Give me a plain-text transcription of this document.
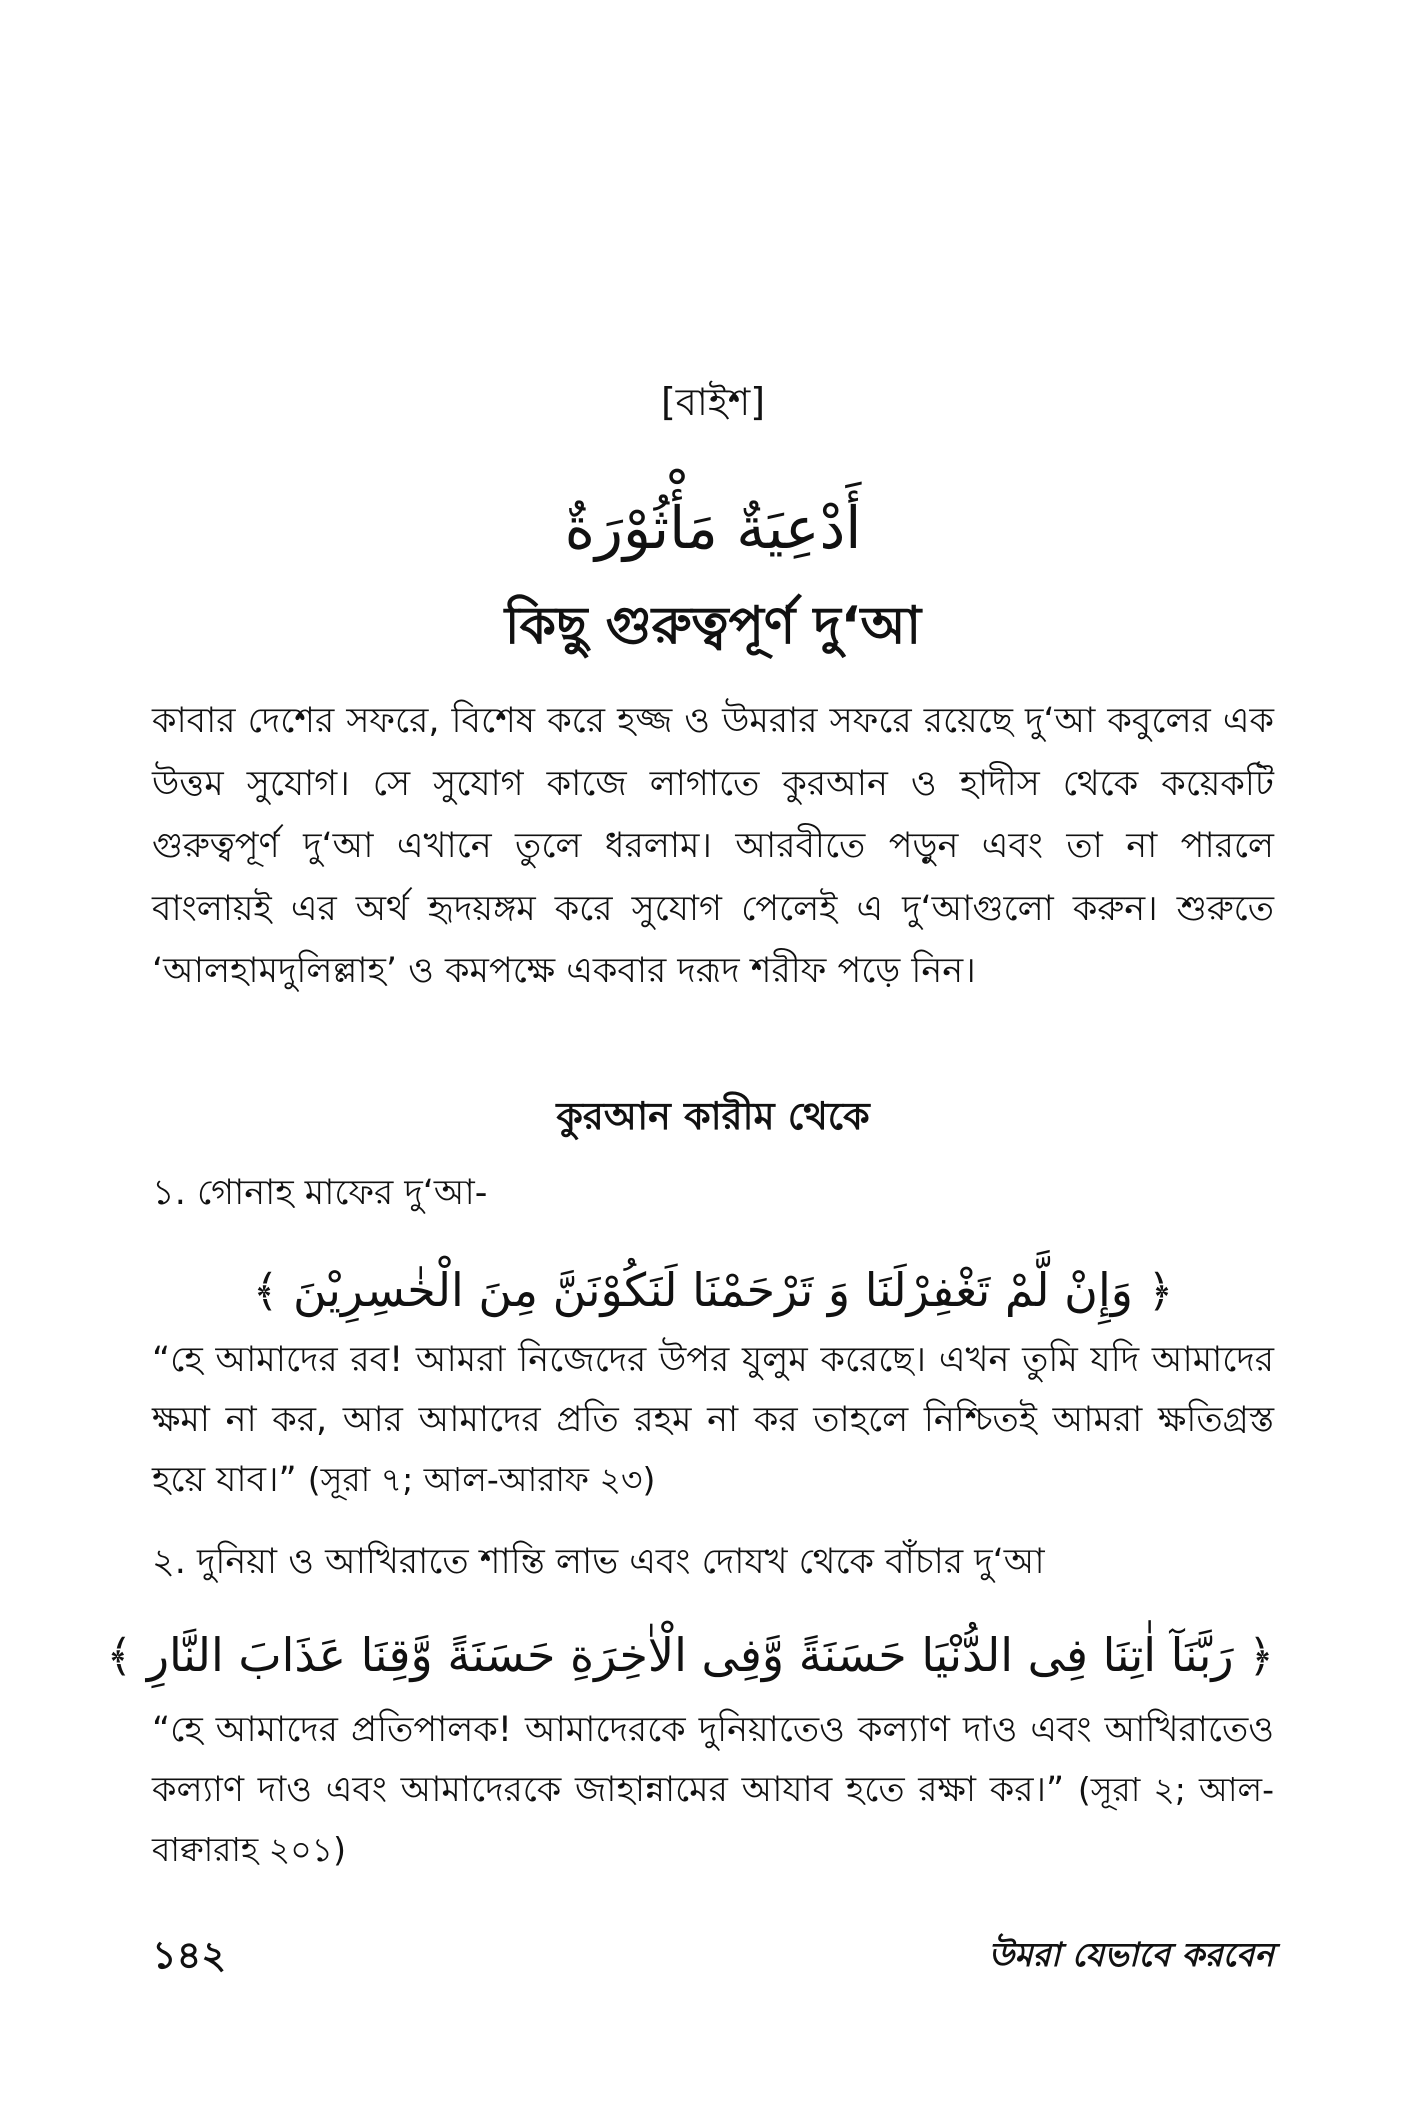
[বাইশ]
أَدْعِيَةٌ مَأْثُوْرَةٌ
কিছু গুরুত্বপূর্ণ দু‘আ

কাবার দেশের সফরে, বিশেষ করে হজ্জ ও উমরার সফরে রয়েছে দু‘আ কবুলের এক উত্তম সুযোগ। সে সুযোগ কাজে লাগাতে কুরআন ও হাদীস থেকে কয়েকটি গুরুত্বপূর্ণ দু‘আ এখানে তুলে ধরলাম। আরবীতে পড়ুন এবং তা না পারলে বাংলায়ই এর অর্থ হৃদয়ঙ্গম করে সুযোগ পেলেই এ দু‘আগুলো করুন। শুরুতে ‘আলহামদুলিল্লাহ’ ও কমপক্ষে একবার দরূদ শরীফ পড়ে নিন।

কুরআন কারীম থেকে
১. গোনাহ মাফের দু‘আ-
﴿ وَإِنْ لَّمْ تَغْفِرْلَنَا وَ تَرْحَمْنَا لَنَكُوْنَنَّ مِنَ الْخٰسِرِيْنَ ﴾

“হে আমাদের রব! আমরা নিজেদের উপর যুলুম করেছে। এখন তুমি যদি আমাদের ক্ষমা না কর, আর আমাদের প্রতি রহম না কর তাহলে নিশ্চিতই আমরা ক্ষতিগ্রস্ত হয়ে যাব।” (সূরা ৭; আল-আরাফ ২৩)

২. দুনিয়া ও আখিরাতে শান্তি লাভ এবং দোযখ থেকে বাঁচার দু‘আ
﴿ رَبَّنَآ اٰتِنَا فِى الدُّنْيَا حَسَنَةً وَّفِى الْاٰخِرَةِ حَسَنَةً وَّقِنَا عَذَابَ النَّارِ ﴾

“হে আমাদের প্রতিপালক! আমাদেরকে দুনিয়াতেও কল্যাণ দাও এবং আখিরাতেও কল্যাণ দাও এবং আমাদেরকে জাহান্নামের আযাব হতে রক্ষা কর।” (সূরা ২; আল-বাক্বারাহ ২০১)

১৪২	উমরা যেভাবে করবেন
